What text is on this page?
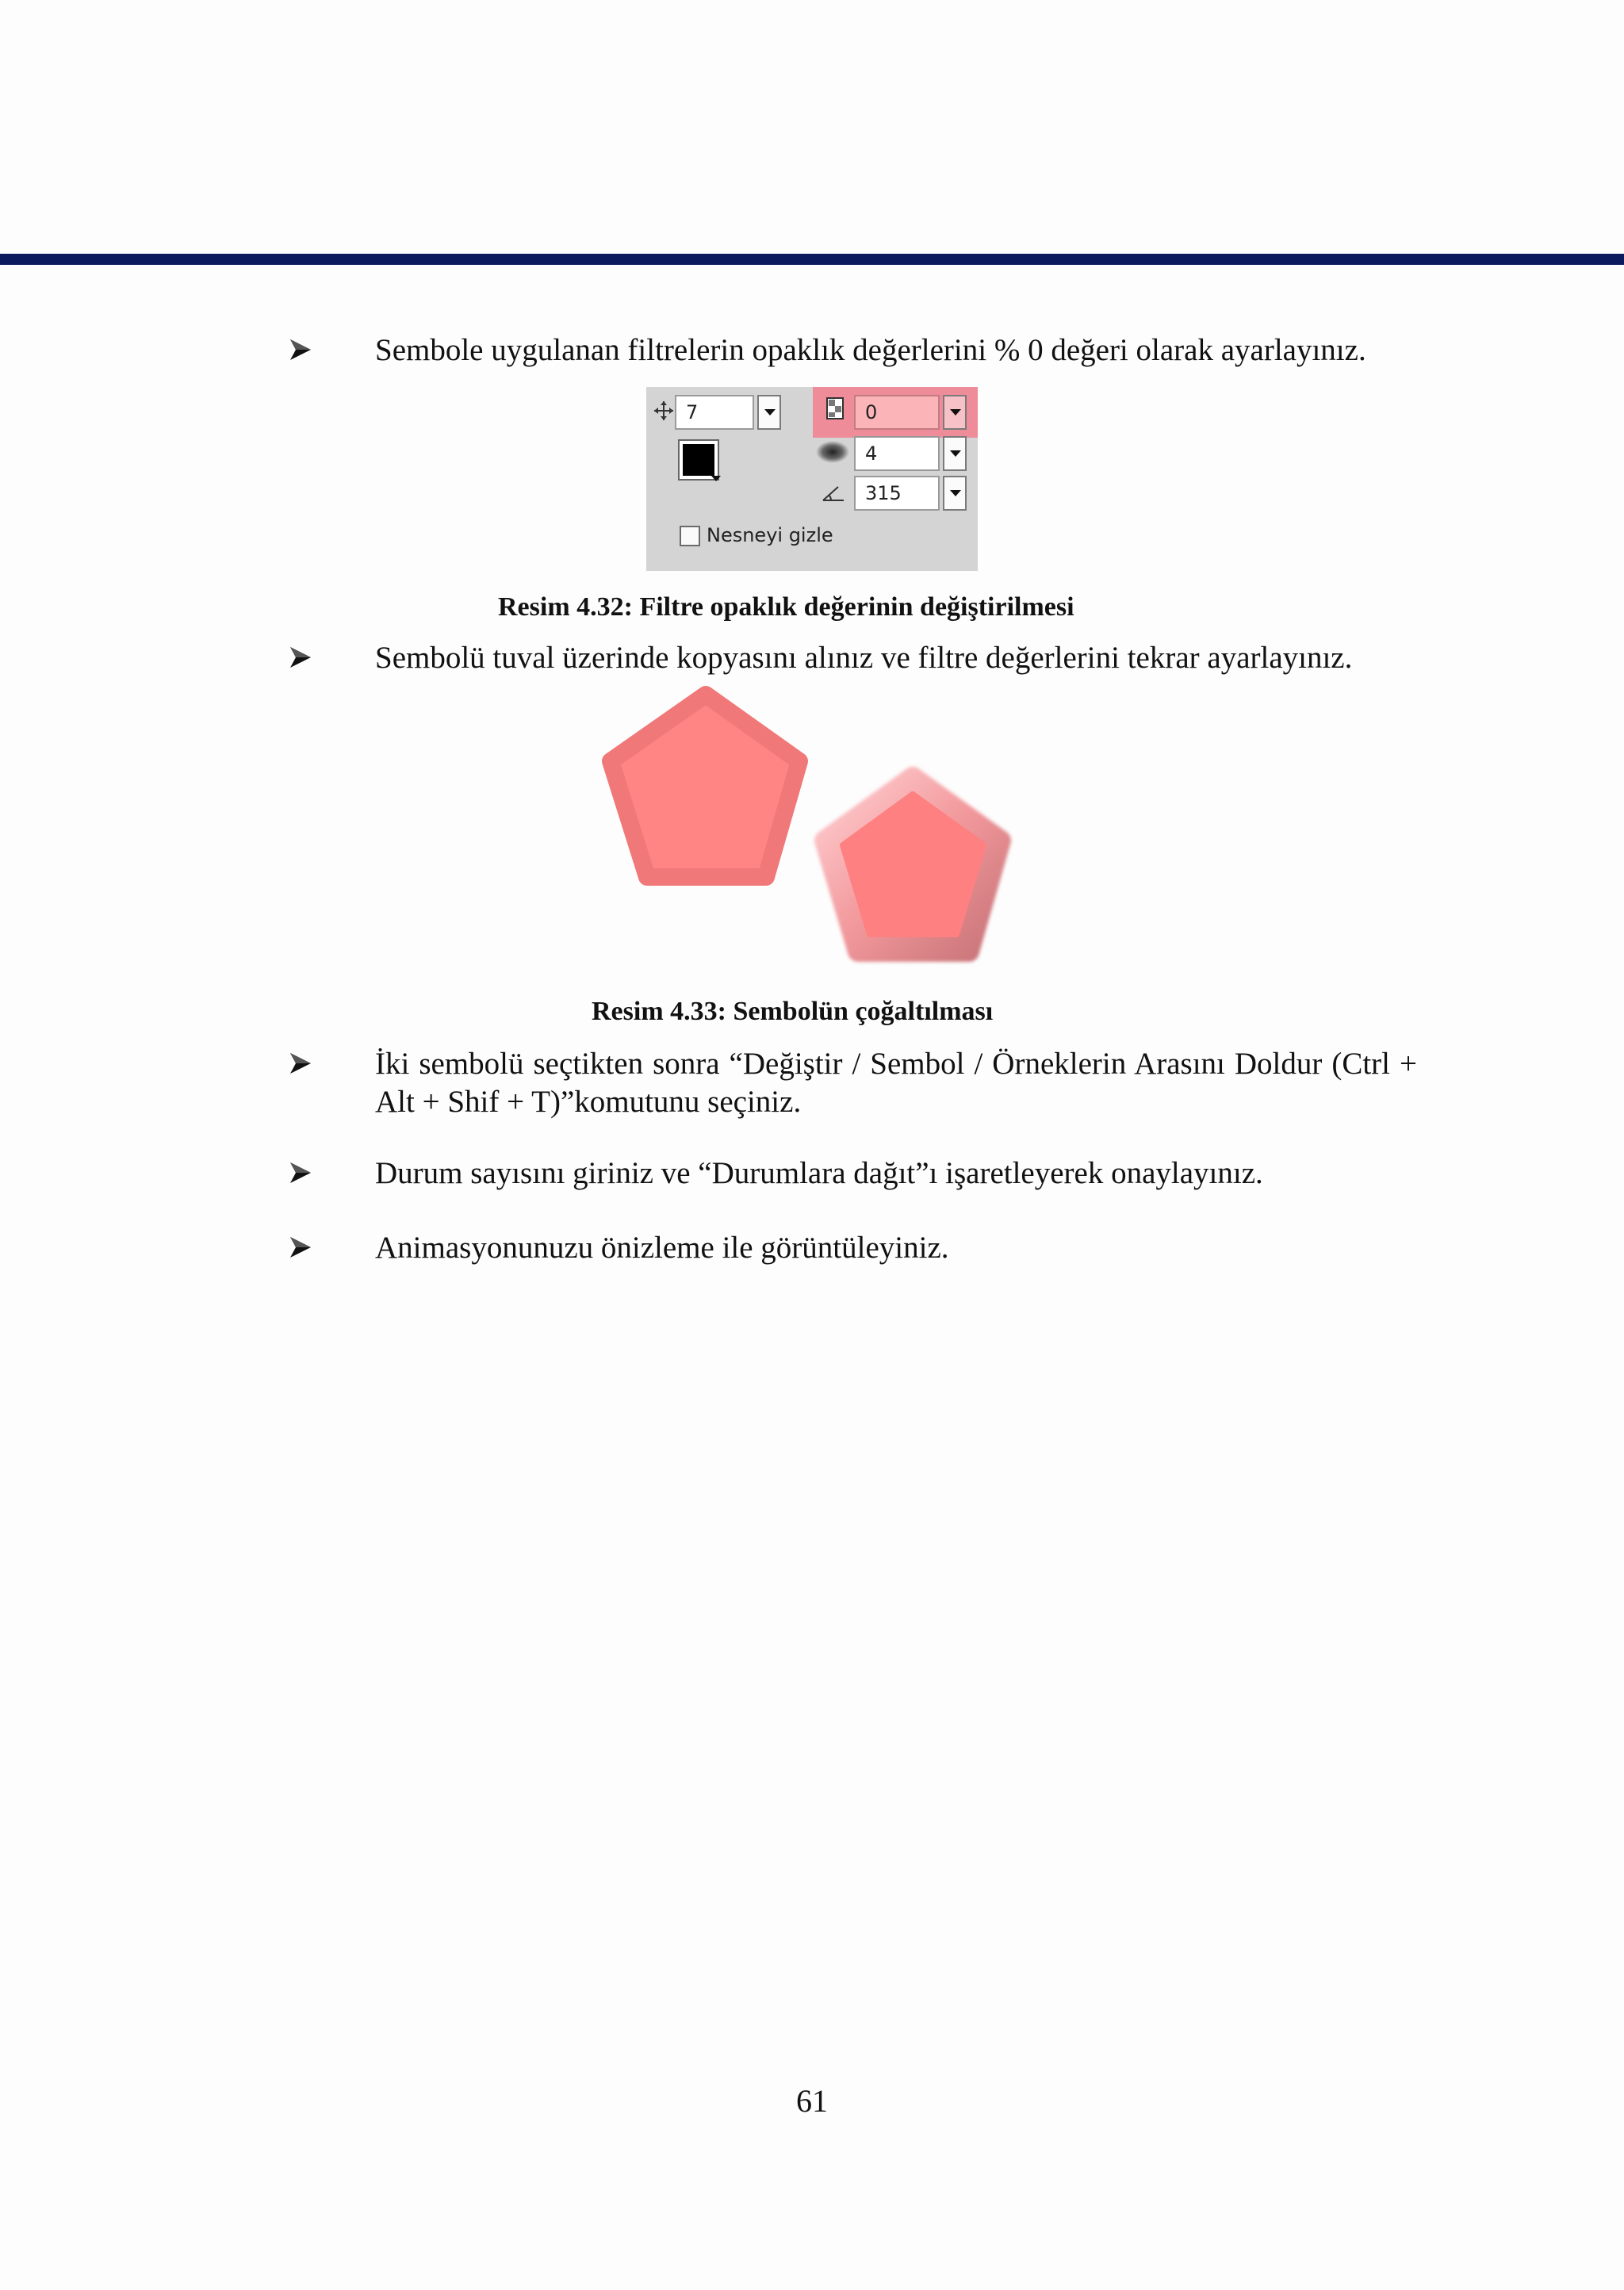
Sembole uygulanan filtrelerin opaklık değerlerini % 0 değeri olarak ayarlayınız.

7	0
4
315
Nesneyi gizle
Resim 4.32: Filtre opaklık değerinin değiştirilmesi

Sembolü tuval üzerinde kopyasını alınız ve filtre değerlerini tekrar ayarlayınız.

Resim 4.33: Sembolün çoğaltılması

İki sembolü seçtikten sonra “Değiştir / Sembol / Örneklerin Arasını Doldur (Ctrl + Alt + Shif + T)”komutunu seçiniz.

Durum sayısını giriniz ve “Durumlara dağıt”ı işaretleyerek onaylayınız.

Animasyonunuzu önizleme ile görüntüleyiniz.

61
